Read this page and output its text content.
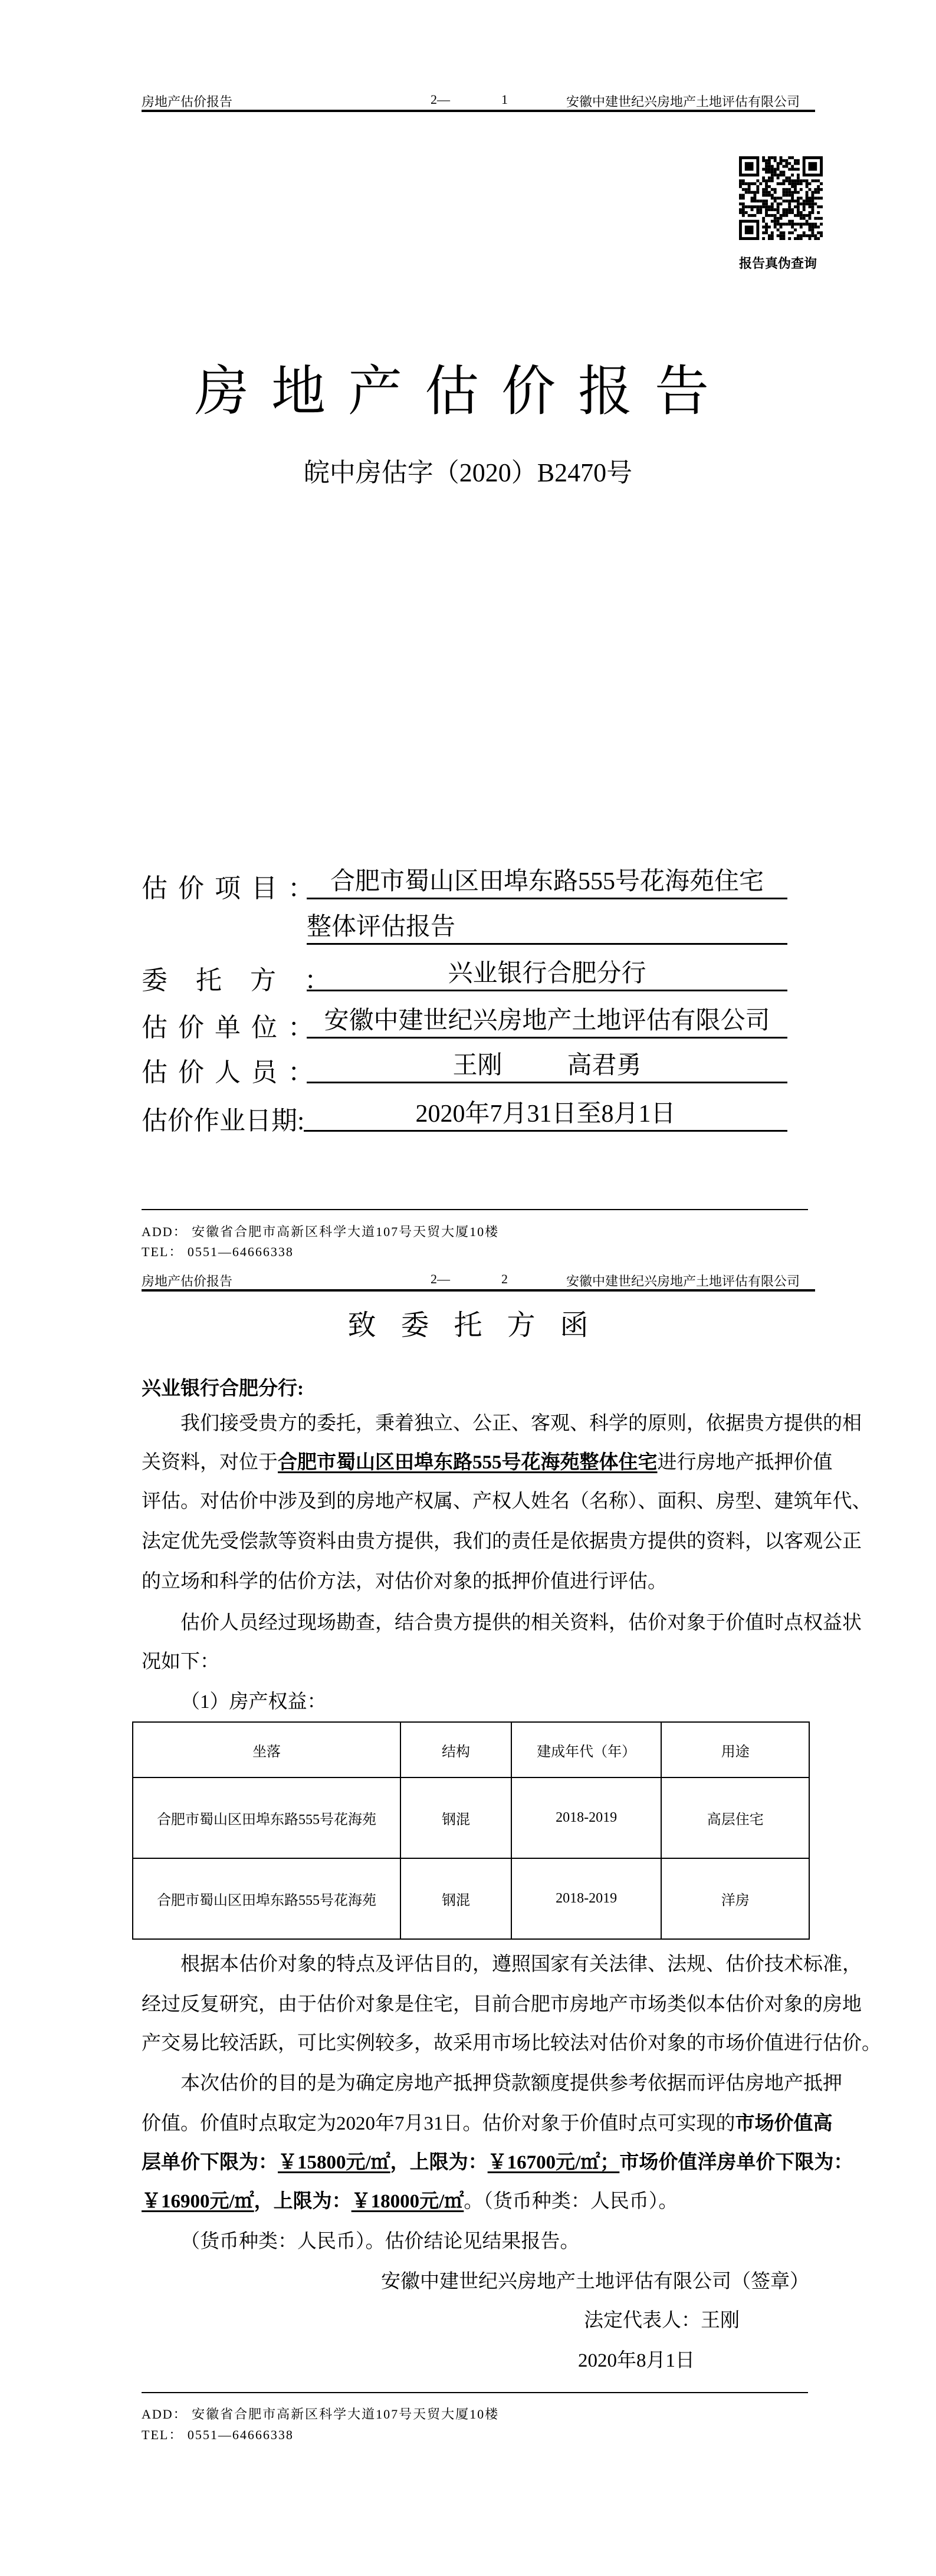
房地产估价报告	2—	1	安徽中建世纪兴房地产土地评估有限公司
报告真伪查询
房地产估价报告
皖中房估字（2020）B2470号
估价项目： 合肥市蜀山区田埠东路555号花海苑住宅
整体评估报告
委托方：	兴业银行合肥分行
估价单位： 安徽中建世纪兴房地产土地评估有限公司
估价人员：	王刚	高君勇
估价作业日期:	2020年7月31日至8月1日
ADD： 安徽省合肥市高新区科学大道107号天贸大厦10楼
TEL： 0551—64666338
房地产估价报告	2—	2	安徽中建世纪兴房地产土地评估有限公司
致委托方函
兴业银行合肥分行:
我们接受贵方的委托，秉着独立、公正、客观、科学的原则，依据贵方提供的相
关资料，对位于合肥市蜀山区田埠东路555号花海苑整体住宅进行房地产抵押价值
评估。对估价中涉及到的房地产权属、产权人姓名（名称）、面积、房型、建筑年代、
法定优先受偿款等资料由贵方提供，我们的责任是依据贵方提供的资料，以客观公正
的立场和科学的估价方法，对估价对象的抵押价值进行评估。
估价人员经过现场勘查，结合贵方提供的相关资料，估价对象于价值时点权益状
况如下：
（1）房产权益：
坐落	结构	建成年代（年）	用途
合肥市蜀山区田埠东路555号花海苑	钢混	2018-2019	高层住宅
合肥市蜀山区田埠东路555号花海苑	钢混	2018-2019	洋房
根据本估价对象的特点及评估目的，遵照国家有关法律、法规、估价技术标准，
经过反复研究，由于估价对象是住宅，目前合肥市房地产市场类似本估价对象的房地
产交易比较活跃，可比实例较多，故采用市场比较法对估价对象的市场价值进行估价。
本次估价的目的是为确定房地产抵押贷款额度提供参考依据而评估房地产抵押
价值。价值时点取定为2020年7月31日。估价对象于价值时点可实现的市场价值高
层单价下限为：￥15800元/㎡，上限为：￥16700元/㎡；市场价值洋房单价下限为：
￥16900元/㎡，上限为：￥18000元/㎡。（货币种类：人民币）。
（货币种类：人民币）。估价结论见结果报告。
安徽中建世纪兴房地产土地评估有限公司（签章）
法定代表人：王刚
2020年8月1日
ADD： 安徽省合肥市高新区科学大道107号天贸大厦10楼
TEL： 0551—64666338
